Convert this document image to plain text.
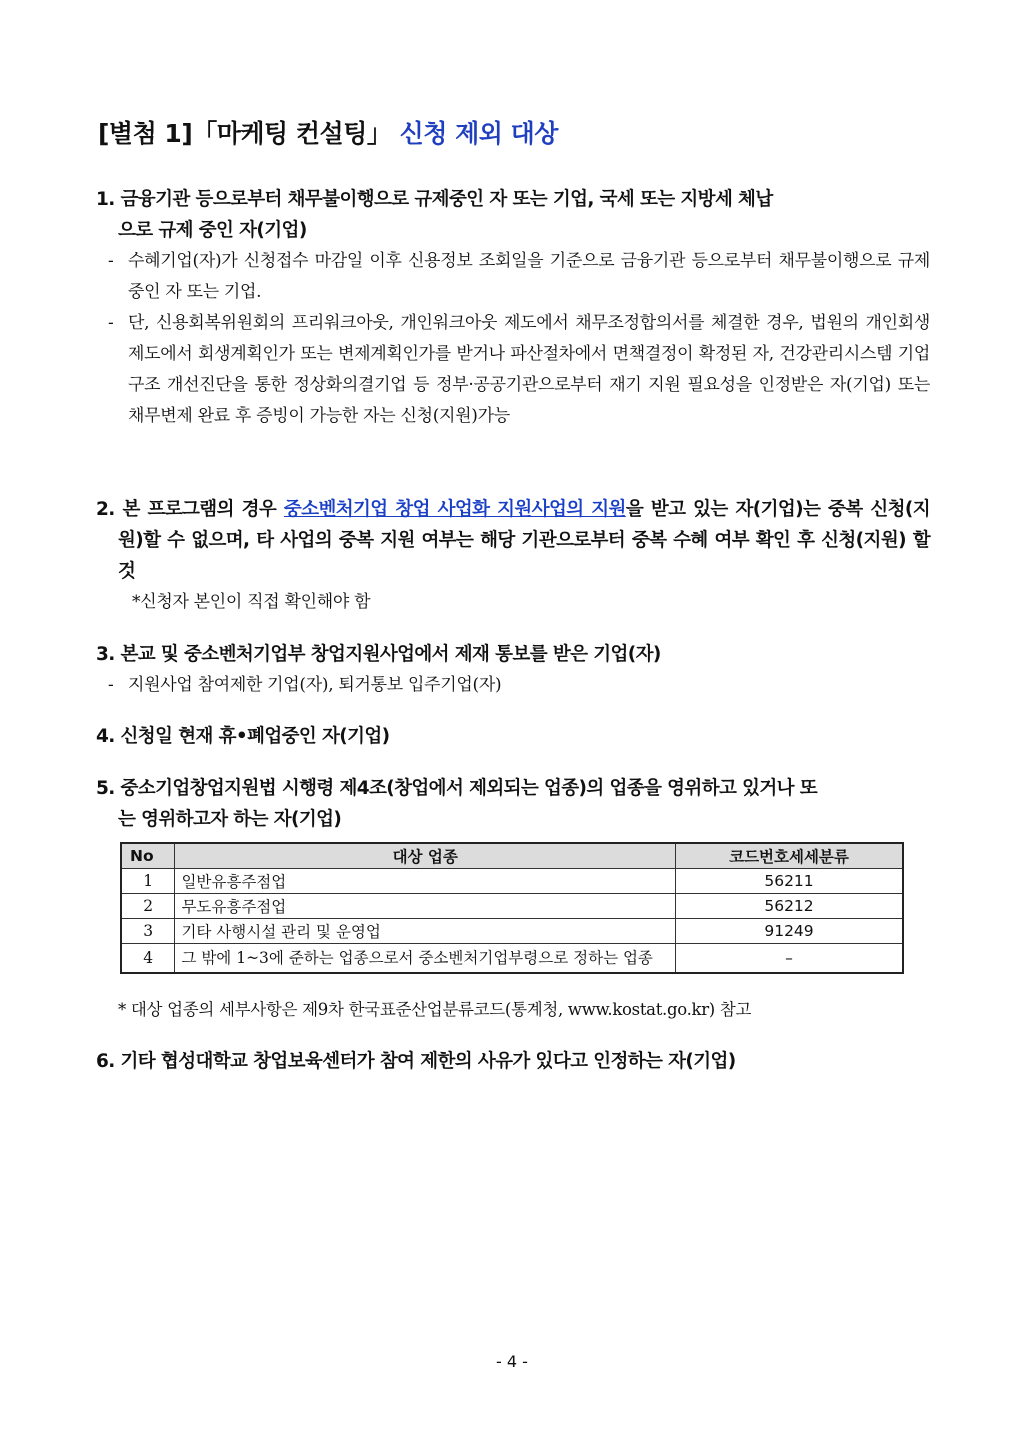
[별첨 1]「마케팅 컨설팅」 신청 제외 대상

1. 금융기관 등으로부터 채무불이행으로 규제중인 자 또는 기업, 국세 또는 지방세 체납

으로 규제 중인 자(기업)

- 수혜기업(자)가 신청접수 마감일 이후 신용정보 조회일을 기준으로 금융기관 등으로부터 채무불이행으로 규제 중인 자 또는 기업.

- 단, 신용회복위원회의 프리워크아웃, 개인워크아웃 제도에서 채무조정합의서를 체결한 경우, 법원의 개인회생제도에서 회생계획인가 또는 변제계획인가를 받거나 파산절차에서 면책결정이 확정된 자, 건강관리시스템 기업구조 개선진단을 통한 정상화의결기업 등 정부·공공기관으로부터 재기 지원 필요성을 인정받은 자(기업) 또는 채무변제 완료 후 증빙이 가능한 자는 신청(지원)가능

2. 본 프로그램의 경우 중소벤처기업 창업 사업화 지원사업의 지원을 받고 있는 자(기업)는 중복 신청(지원)할 수 없으며, 타 사업의 중복 지원 여부는 해당 기관으로부터 중복 수혜 여부 확인 후 신청(지원) 할 것

*신청자 본인이 직접 확인해야 함

3. 본교 및 중소벤처기업부 창업지원사업에서 제재 통보를 받은 기업(자)

- 지원사업 참여제한 기업(자), 퇴거통보 입주기업(자)

4. 신청일 현재 휴•폐업중인 자(기업)

5. 중소기업창업지원법 시행령 제4조(창업에서 제외되는 업종)의 업종을 영위하고 있거나 또

는 영위하고자 하는 자(기업)

No	대상 업종	코드번호세세분류
1	일반유흥주점업	56211
2	무도유흥주점업	56212
3	기타 사행시설 관리 및 운영업	91249
4	그 밖에 1~3에 준하는 업종으로서 중소벤처기업부령으로 정하는 업종	–
* 대상 업종의 세부사항은 제9차 한국표준산업분류코드(통계청, www.kostat.go.kr) 참고

6. 기타 협성대학교 창업보육센터가 참여 제한의 사유가 있다고 인정하는 자(기업)

- 4 -
